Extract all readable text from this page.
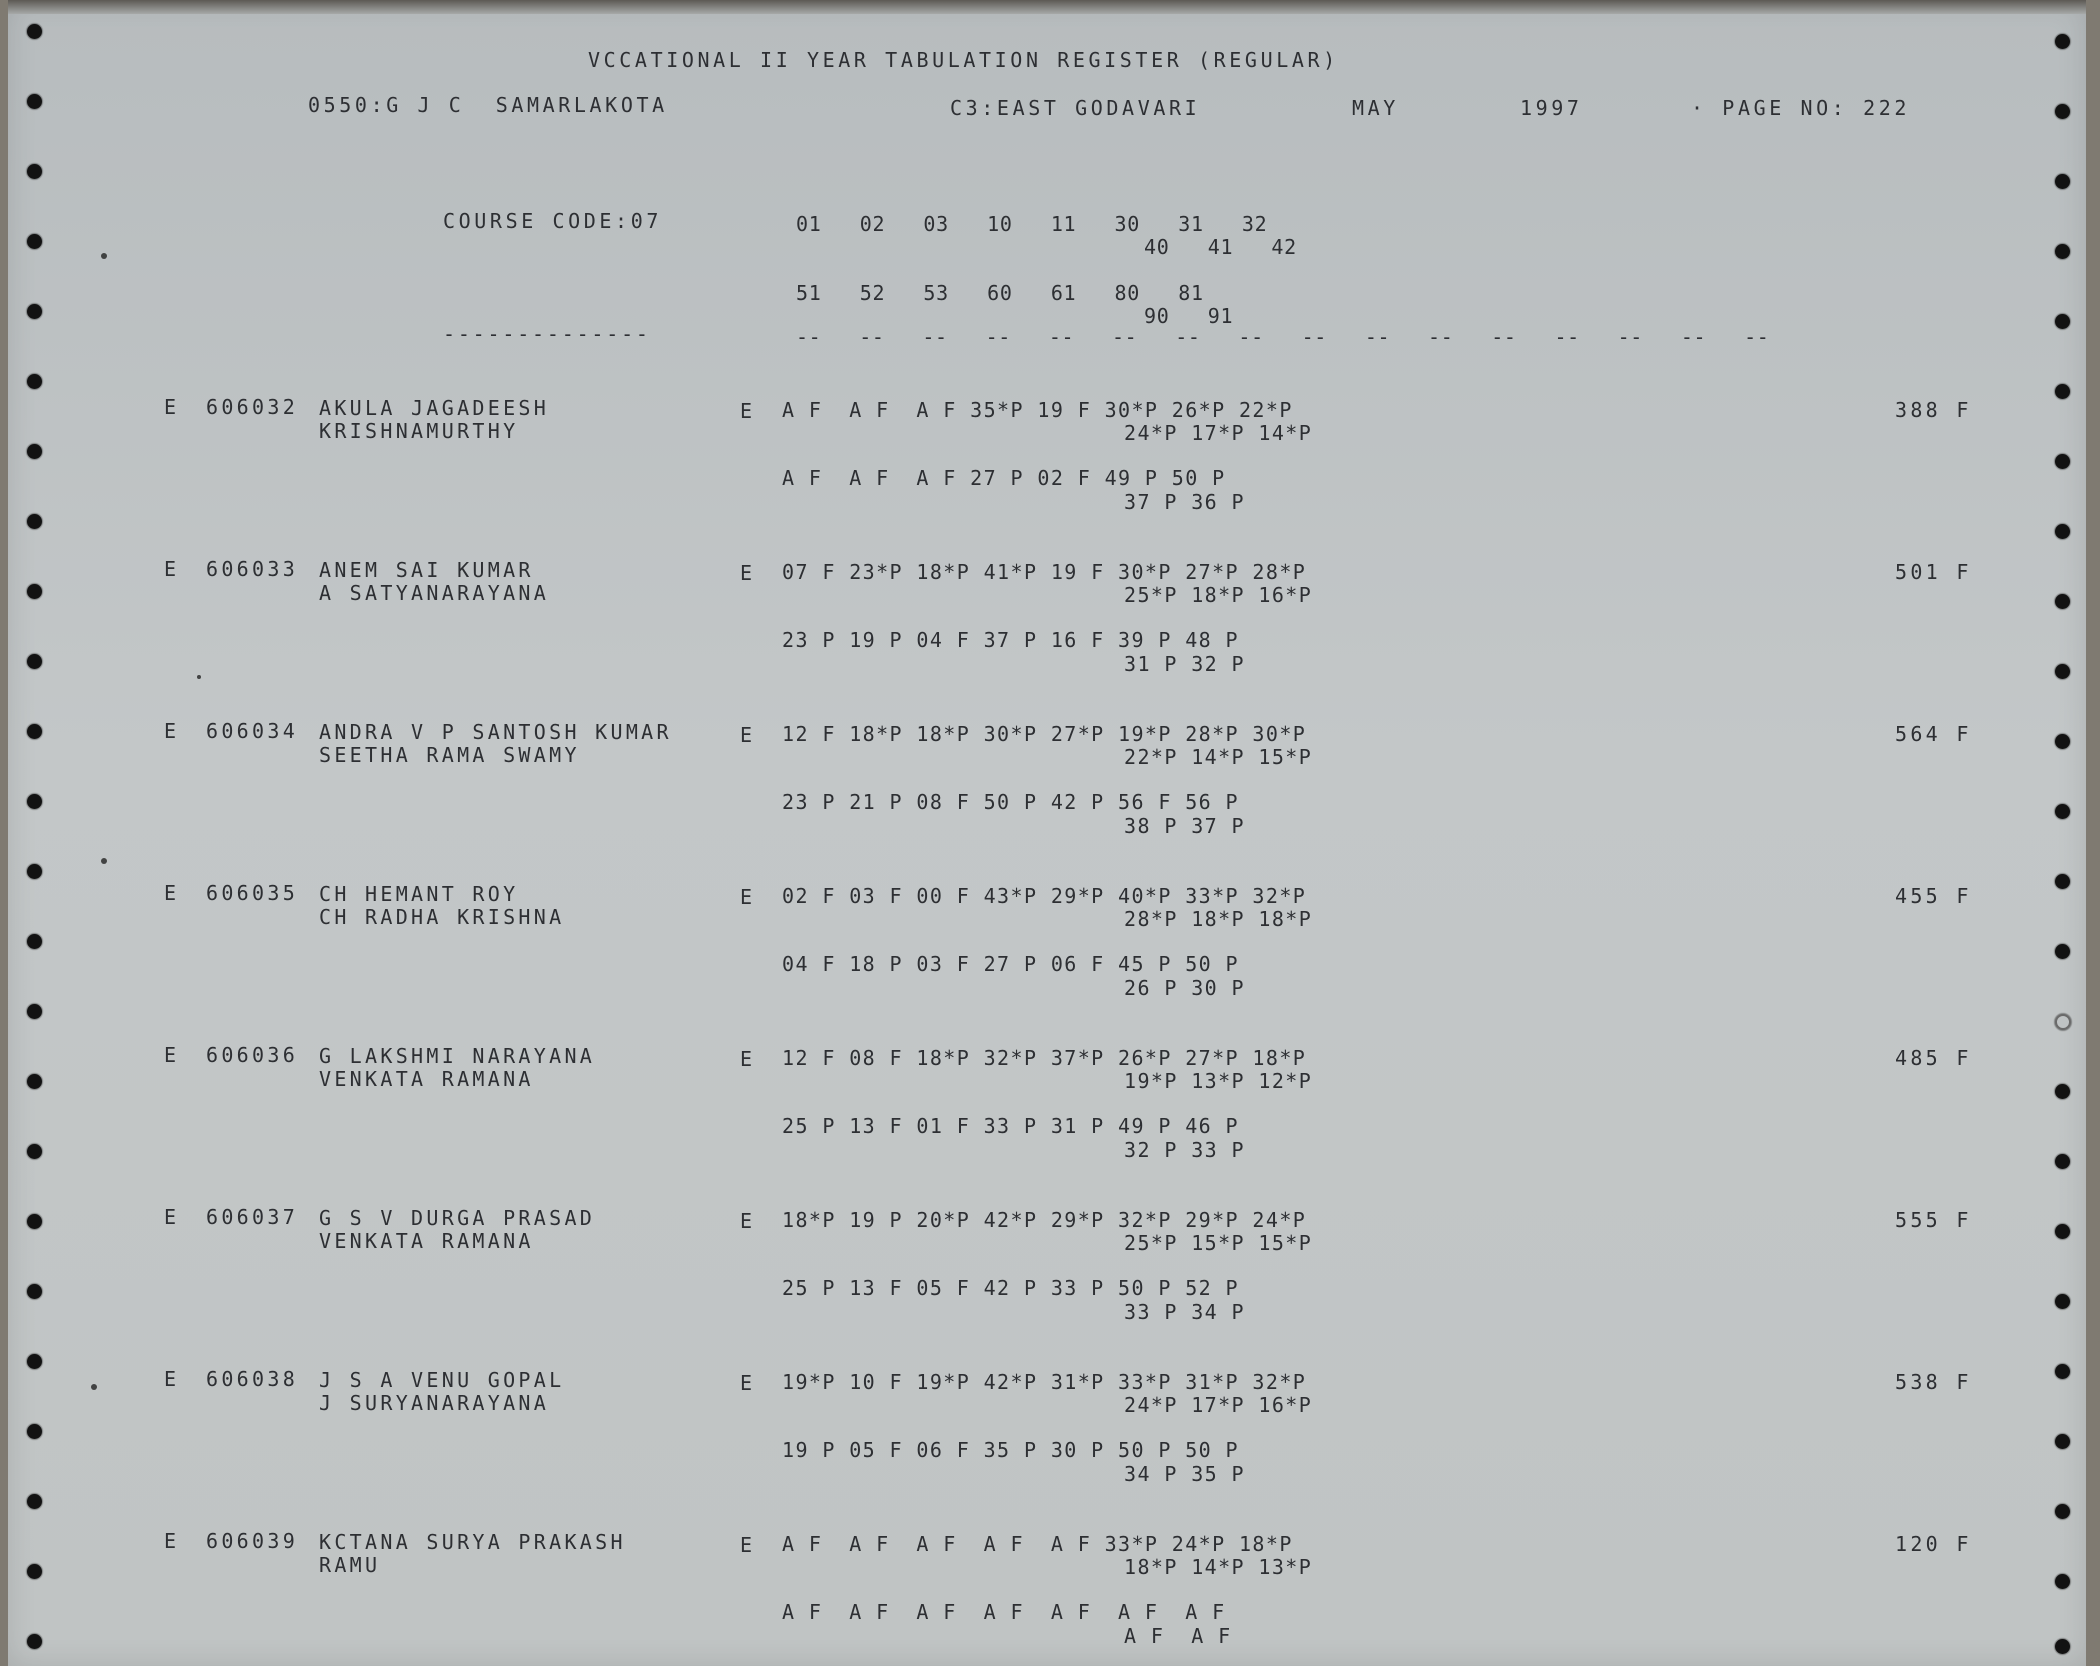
VCCATIONAL II YEAR TABULATION REGISTER (REGULAR)
0550:G J C  SAMARLAKOTA	C3:EAST GODAVARI	MAY	1997	· PAGE NO: 222
COURSE CODE:07	01   02   03   10   11   30   31   32
40   41   42
51   52   53   60   61   80   81
90   91
--------------	--   --   --   --   --   --   --   --   --   --   --   --   --   --   --   --
E 606032 AKULA JAGADEESH
KRISHNAMURTHY
E A F  A F  A F 35*P 19 F 30*P 26*P 22*P
24*P 17*P 14*P
A F  A F  A F 27 P 02 F 49 P 50 P
37 P 36 P
388 F
E 606033 ANEM SAI KUMAR
A SATYANARAYANA
E 07 F 23*P 18*P 41*P 19 F 30*P 27*P 28*P
25*P 18*P 16*P
23 P 19 P 04 F 37 P 16 F 39 P 48 P
31 P 32 P
501 F
E 606034 ANDRA V P SANTOSH KUMAR
SEETHA RAMA SWAMY
E 12 F 18*P 18*P 30*P 27*P 19*P 28*P 30*P
22*P 14*P 15*P
23 P 21 P 08 F 50 P 42 P 56 F 56 P
38 P 37 P
564 F
E 606035 CH HEMANT ROY
CH RADHA KRISHNA
E 02 F 03 F 00 F 43*P 29*P 40*P 33*P 32*P
28*P 18*P 18*P
04 F 18 P 03 F 27 P 06 F 45 P 50 P
26 P 30 P
455 F
E 606036 G LAKSHMI NARAYANA
VENKATA RAMANA
E 12 F 08 F 18*P 32*P 37*P 26*P 27*P 18*P
19*P 13*P 12*P
25 P 13 F 01 F 33 P 31 P 49 P 46 P
32 P 33 P
485 F
E 606037 G S V DURGA PRASAD
VENKATA RAMANA
E 18*P 19 P 20*P 42*P 29*P 32*P 29*P 24*P
25*P 15*P 15*P
25 P 13 F 05 F 42 P 33 P 50 P 52 P
33 P 34 P
555 F
E 606038 J S A VENU GOPAL
J SURYANARAYANA
E 19*P 10 F 19*P 42*P 31*P 33*P 31*P 32*P
24*P 17*P 16*P
19 P 05 F 06 F 35 P 30 P 50 P 50 P
34 P 35 P
538 F
E 606039 KCTANA SURYA PRAKASH
RAMU
E A F  A F  A F  A F  A F 33*P 24*P 18*P
18*P 14*P 13*P
A F  A F  A F  A F  A F  A F  A F
A F  A F
120 F
